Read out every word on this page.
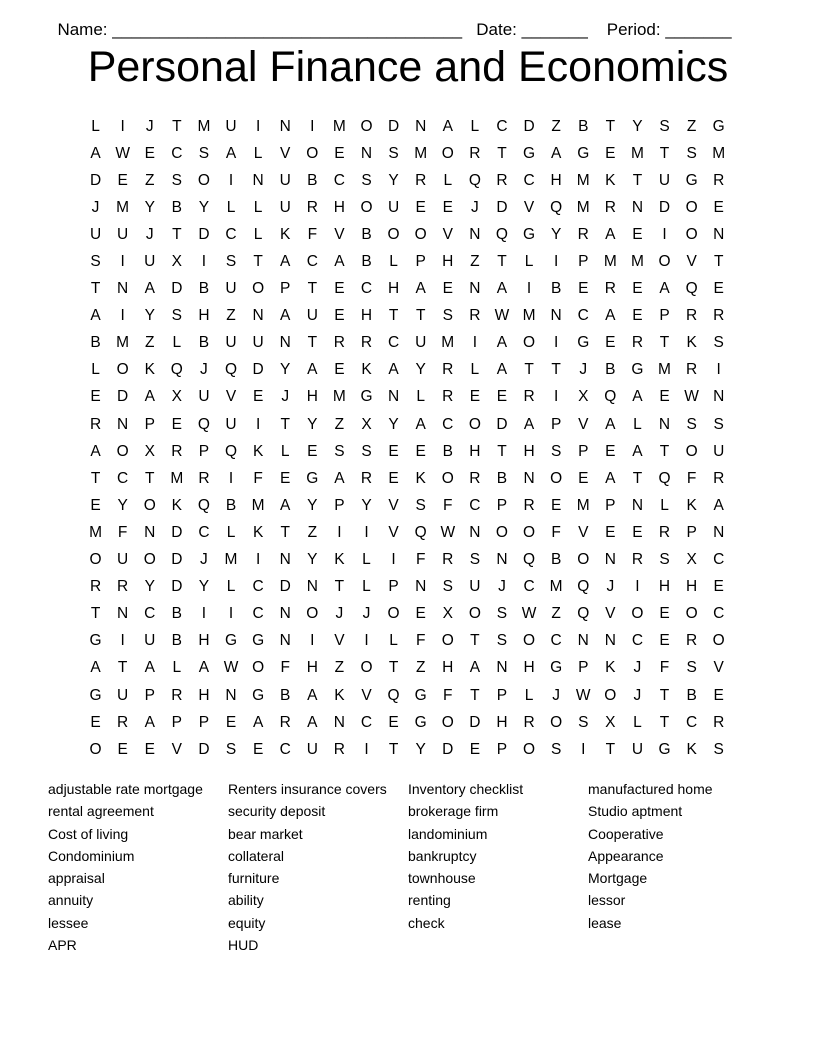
Name: _____________________________________ Date: _______ Period: _______

Personal Finance and Economics
L	I	J	T	M U	I	N	I	M O D	N	A	L	C	D	Z	B	T	Y	S	Z	G
A W E	C	S	A	L	V	O	E	N	S M O R	T	G	A	G	E M	T	S M
D	E	Z	S	O	I	N	U	B	C	S	Y	R	L	Q R	C	H M K	T	U G R
J	M Y	B	Y	L	L	U	R	H O U	E	E	J	D	V	Q M R	N	D O	E
U	U	J	T	D	C	L	K	F	V	B	O O	V	N Q G	Y	R	A	E	I	O N
S	I	U	X	I	S	T	A	C	A	B	L	P	H	Z	T	L	I	P M M O	V	T
T	N	A	D	B	U O	P	T	E	C	H	A	E	N	A	I	B	E	R	E	A	Q	E
A	I	Y	S	H	Z	N	A	U	E	H	T	T	S	R W M N	C	A	E	P	R	R
B M	Z	L	B	U	U	N	T	R	R	C	U M	I	A	O	I	G	E	R	T	K	S
L	O	K	Q	J	Q D	Y	A	E	K	A	Y	R	L	A	T	T	J	B	G M R	I
E	D	A	X	U	V	E	J	H M G N	L	R	E	E	R	I	X	Q	A	E W N
R	N	P	E	Q U	I	T	Y	Z	X	Y	A	C O D	A	P	V	A	L	N	S	S
A	O	X	R	P	Q	K	L	E	S	S	E	E	B	H	T	H	S	P	E	A	T	O U
T	C	T	M R	I	F	E	G	A	R	E	K	O R	B	N O	E	A	T	Q	F	R
E	Y	O	K	Q	B M A	Y	P	Y	V	S	F	C	P	R	E M P	N	L	K	A
M	F	N	D	C	L	K	T	Z	I	I	V	Q W N O O	F	V	E	E	R	P	N
O U O D	J	M	I	N	Y	K	L	I	F	R	S	N Q	B	O N	R	S	X	C
R	R	Y	D	Y	L	C	D	N	T	L	P	N	S	U	J	C M Q	J	I	H	H	E
T	N	C	B	I	I	C	N O	J	J	O	E	X	O	S W Z	Q	V	O	E	O C
G	I	U	B	H G G N	I	V	I	L	F	O	T	S	O C	N	N	C	E	R O
A	T	A	L	A W O	F	H	Z	O	T	Z	H	A	N	H G	P	K	J	F	S	V
G U	P	R	H	N G	B	A	K	V	Q G	F	T	P	L	J	W O	J	T	B	E
E	R	A	P	P	E	A	R	A	N	C	E	G O D	H	R O	S	X	L	T	C	R
O	E	E	V	D	S	E	C	U	R	I	T	Y	D	E	P	O	S	I	T	U G	K	S
adjustable rate mortgage
rental agreement
Cost of living
Condominium
appraisal
annuity
lessee
APR
Renters insurance covers
security deposit
bear market
collateral
furniture
ability
equity
HUD
Inventory checklist
brokerage firm
landominium
bankruptcy
townhouse
renting
check
manufactured home
Studio aptment
Cooperative
Appearance
Mortgage
lessor
lease
